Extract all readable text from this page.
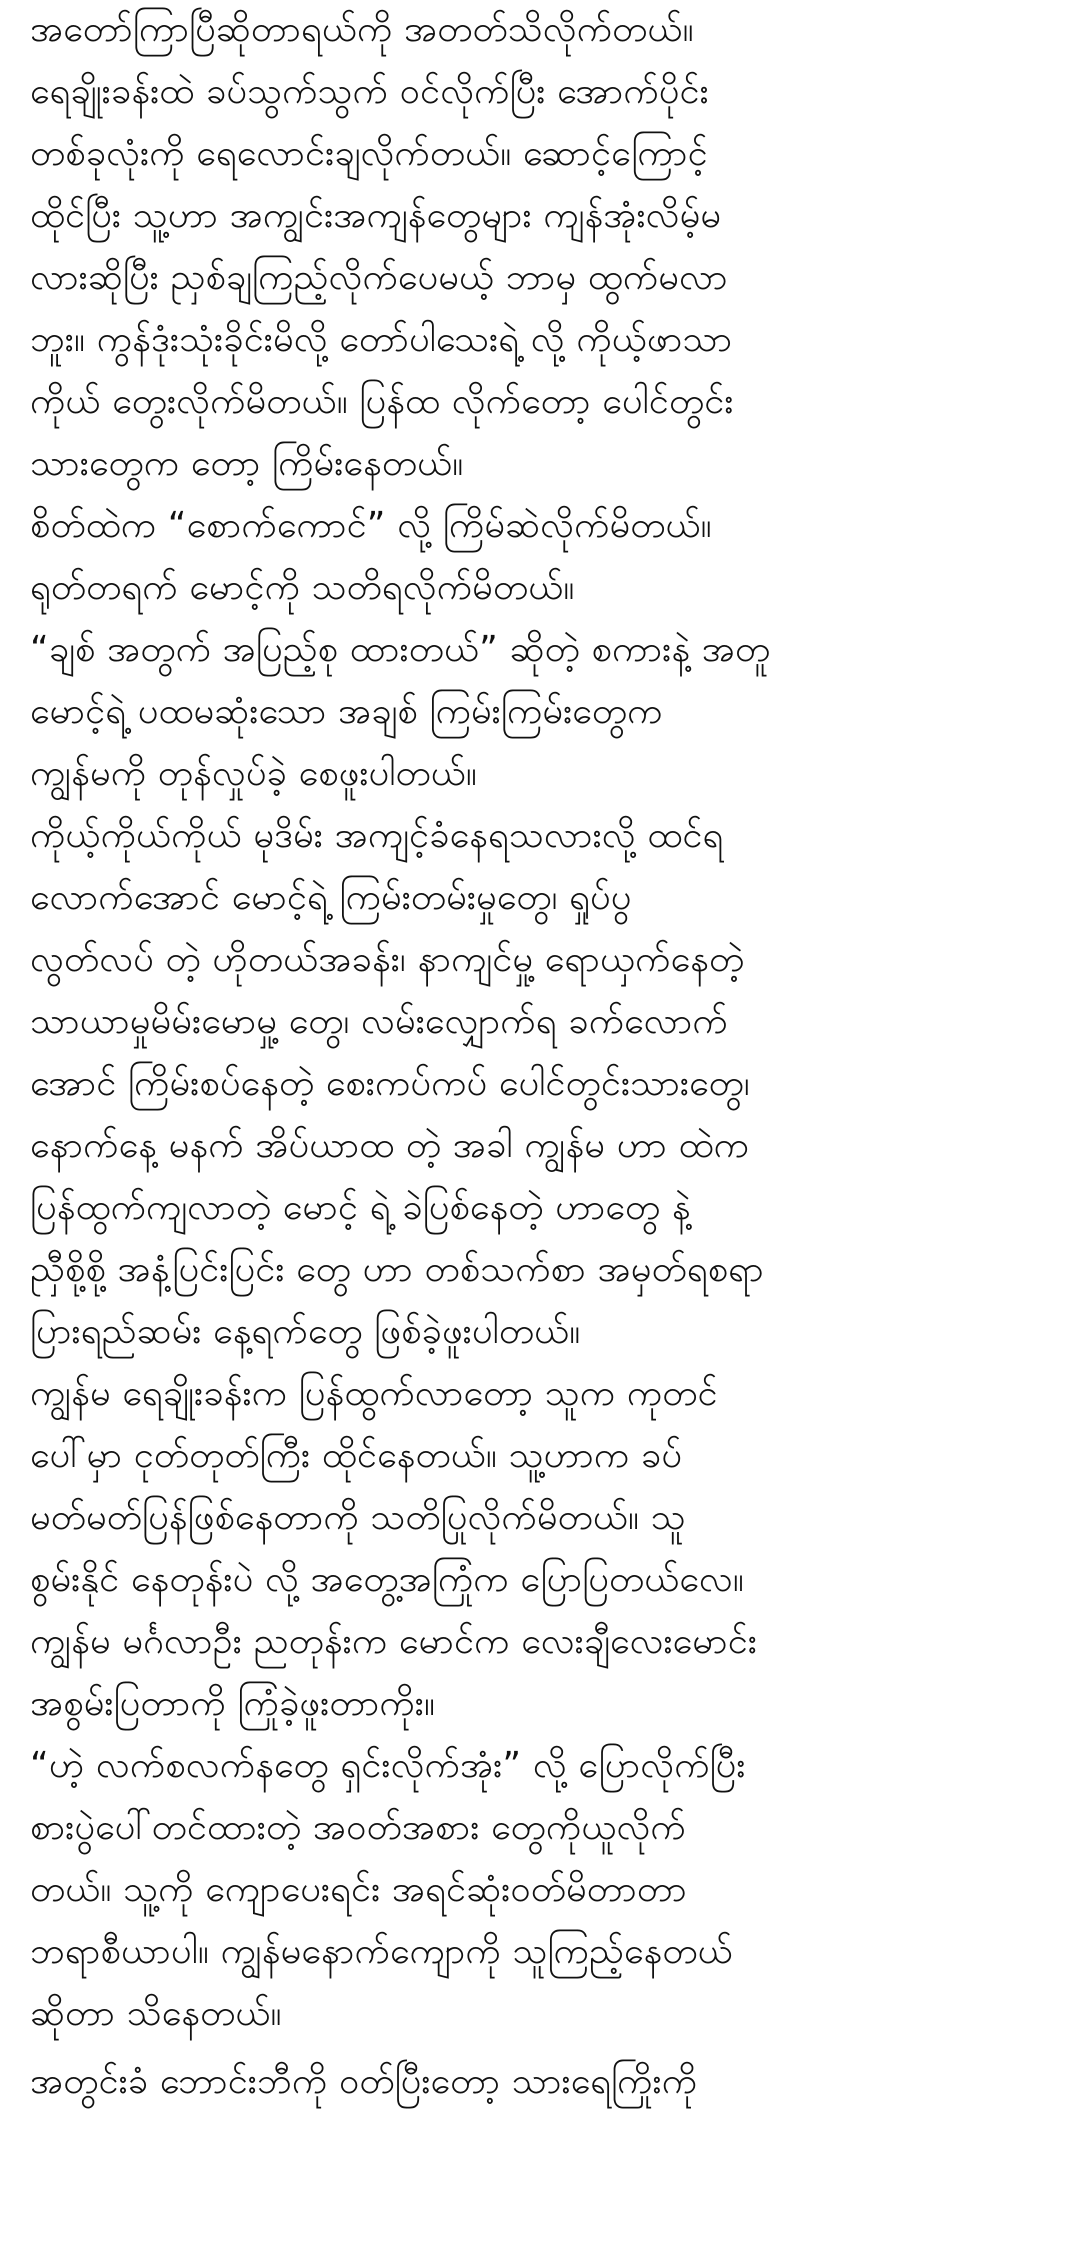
အတော်ကြာပြီဆိုတာရယ်ကို အတတ်သိလိုက်တယ်။
ရေချိုးခန်းထဲ ခပ်သွက်သွက် ဝင်လိုက်ပြီး အောက်ပိုင်း
တစ်ခုလုံးကို ရေလောင်းချလိုက်တယ်။ ဆောင့်ကြောင့်
ထိုင်ပြီး သူ့ဟာ အကျွင်းအကျန်တွေများ ကျန်အုံးလိမ့်မ
လားဆိုပြီး ညှစ်ချကြည့်လိုက်ပေမယ့် ဘာမှ ထွက်မလာ
ဘူး။ ကွန်ဒုံးသုံးခိုင်းမိလို့ တော်ပါသေးရဲ့ လို့ ကိုယ့်ဖာသာ
ကိုယ် တွေးလိုက်မိတယ်။ ပြန်ထ လိုက်တော့ ပေါင်တွင်း
သားတွေက တော့ ကြိမ်းနေတယ်။
စိတ်ထဲက “စောက်ကောင်” လို့ ကြိမ်ဆဲလိုက်မိတယ်။
ရုတ်တရက် မောင့်ကို သတိရလိုက်မိတယ်။
“ချစ် အတွက် အပြည့်စု ထားတယ်” ဆိုတဲ့ စကားနဲ့ အတူ
မောင့်ရဲ့ ပထမဆုံးသော အချစ် ကြမ်းကြမ်းတွေက
ကျွန်မကို တုန်လှုပ်ခဲ့ စေဖူးပါတယ်။
ကိုယ့်ကိုယ်ကိုယ် မုဒိမ်း အကျင့်ခံနေရသလားလို့ ထင်ရ
လောက်အောင် မောင့်ရဲ့ ကြမ်းတမ်းမှုတွေ၊ ရှုပ်ပွ
လွတ်လပ် တဲ့ ဟိုတယ်အခန်း၊ နာကျင်မှု့ ရောယှက်နေတဲ့
သာယာမှုမိမ်းမောမှု့ တွေ၊ လမ်းလျှောက်ရ ခက်လောက်
အောင် ကြိမ်းစပ်နေတဲ့ စေးကပ်ကပ် ပေါင်တွင်းသားတွေ၊
နောက်နေ့ မနက် အိပ်ယာထ တဲ့ အခါ ကျွန်မ ဟာ ထဲက
ပြန်ထွက်ကျလာတဲ့ မောင့် ရဲ့ ခဲပြစ်နေတဲ့ ဟာတွေ နဲ့
ညှီစို့စို့ အနံ့ပြင်းပြင်း တွေ ဟာ တစ်သက်စာ အမှတ်ရစရာ
ပြားရည်ဆမ်း နေ့ရက်တွေ ဖြစ်ခဲ့ဖူးပါတယ်။
ကျွန်မ ရေချိုးခန်းက ပြန်ထွက်လာတော့ သူက ကုတင်
ပေါ်မှာ ငုတ်တုတ်ကြီး ထိုင်နေတယ်။ သူ့ဟာက ခပ်
မတ်မတ်ပြန်ဖြစ်နေတာကို သတိပြုလိုက်မိတယ်။ သူ
စွမ်းနိုင် နေတုန်းပဲ လို့ အတွေ့အကြုံက ပြောပြတယ်လေ။
ကျွန်မ မင်္ဂလာဦး ညတုန်းက မောင်က လေးချီလေးမောင်း
အစွမ်းပြတာကို ကြုံခဲ့ဖူးတာကိုး။
“ဟဲ့ လက်စလက်နတွေ ရှင်းလိုက်အုံး” လို့ ပြောလိုက်ပြီး
စားပွဲပေါ်တင်ထားတဲ့ အဝတ်အစား တွေကိုယူလိုက်
တယ်။ သူ့ကို ကျောပေးရင်း အရင်ဆုံးဝတ်မိတာတာ
ဘရာစီယာပါ။ ကျွန်မနောက်ကျောကို သူကြည့်နေတယ်
ဆိုတာ သိနေတယ်။
အတွင်းခံ ဘောင်းဘီကို ဝတ်ပြီးတော့ သားရေကြိုးကို
